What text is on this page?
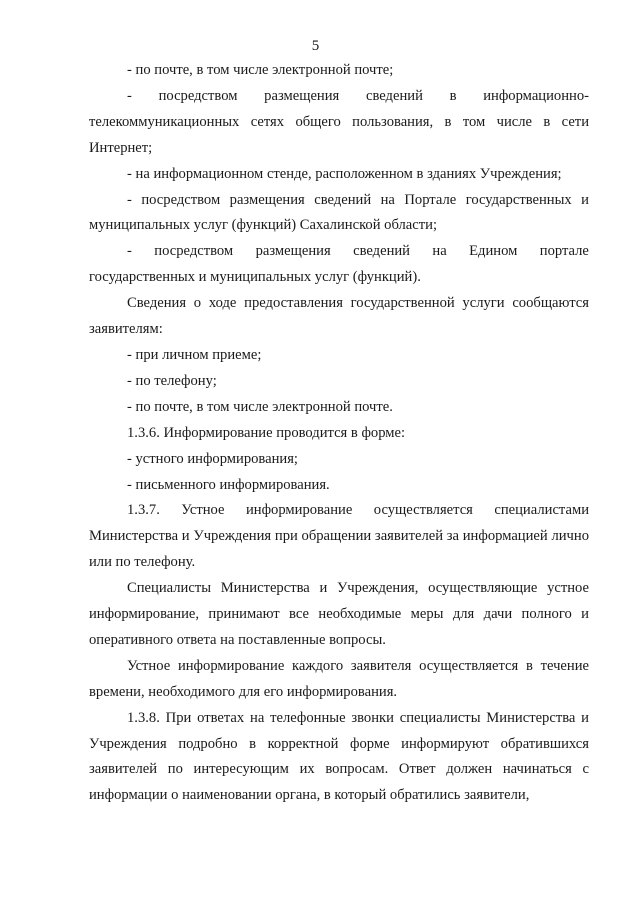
5

- по почте, в том числе электронной почте;

- посредством размещения сведений в информационно-

телекоммуникационных сетях общего пользования, в том числе в сети Интернет;

- на информационном стенде, расположенном в зданиях Учреждения;

- посредством размещения сведений на Портале государственных и муниципальных услуг (функций) Сахалинской области;

- посредством размещения сведений на Едином портале

государственных и муниципальных услуг (функций).

Сведения о ходе предоставления государственной услуги сообщаются заявителям:

- при личном приеме;

- по телефону;

- по почте, в том числе электронной почте.

1.3.6. Информирование проводится в форме:

- устного информирования;

- письменного информирования.

1.3.7. Устное информирование осуществляется специалистами Министерства и Учреждения при обращении заявителей за информацией лично или по телефону.

Специалисты Министерства и Учреждения, осуществляющие устное информирование, принимают все необходимые меры для дачи полного и оперативного ответа на поставленные вопросы.

Устное информирование каждого заявителя осуществляется в течение времени, необходимого для его информирования.

1.3.8. При ответах на телефонные звонки специалисты Министерства и Учреждения подробно в корректной форме информируют обратившихся заявителей по интересующим их вопросам. Ответ должен начинаться с информации о наименовании органа, в который обратились заявители,
